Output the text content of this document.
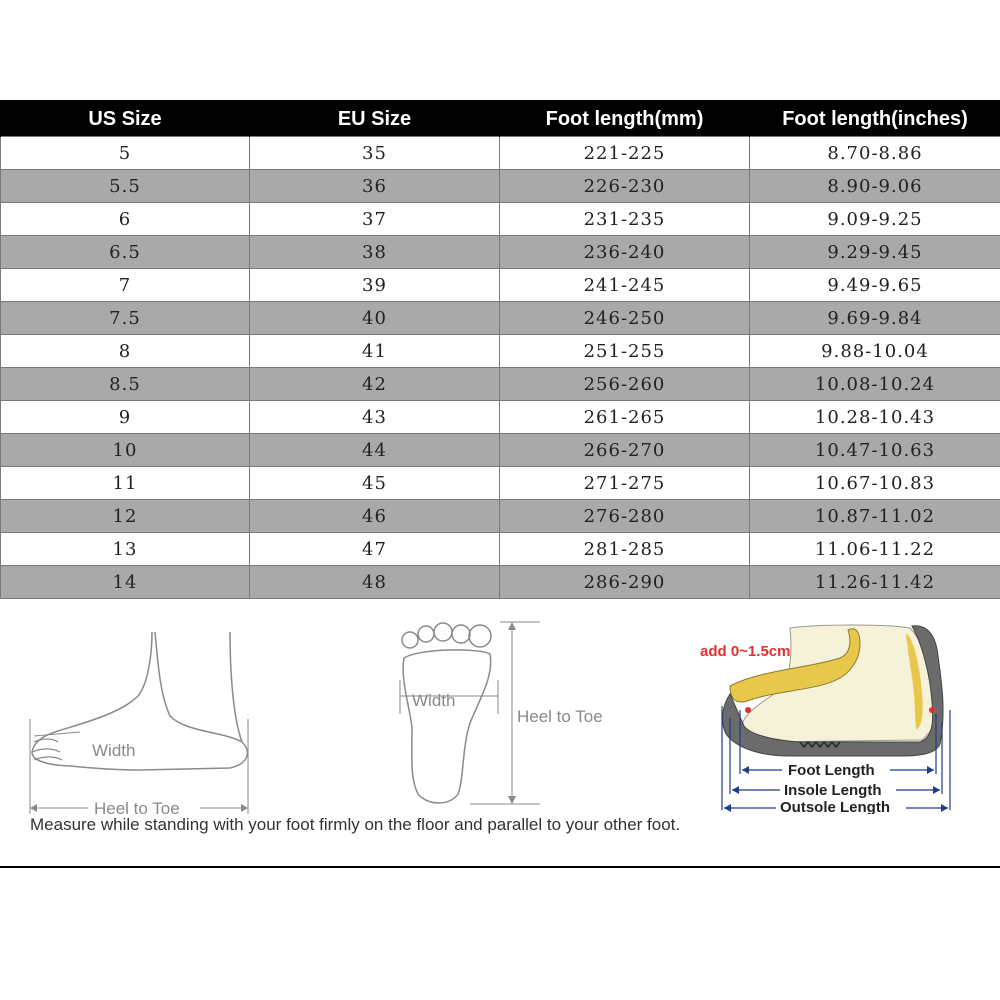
US Size	EU Size	Foot length(mm)	Foot length(inches)
5	35	221-225	8.70-8.86
5.5	36	226-230	8.90-9.06
6	37	231-235	9.09-9.25
6.5	38	236-240	9.29-9.45
7	39	241-245	9.49-9.65
7.5	40	246-250	9.69-9.84
8	41	251-255	9.88-10.04
8.5	42	256-260	10.08-10.24
9	43	261-265	10.28-10.43
10	44	266-270	10.47-10.63
11	45	271-275	10.67-10.83
12	46	276-280	10.87-11.02
13	47	281-285	11.06-11.22
14	48	286-290	11.26-11.42
Width
Heel to Toe
Width
Heel to Toe
add 0~1.5cm
Foot Length
Insole Length
Outsole Length
Measure while standing with your foot firmly on the floor and parallel to your other foot.
